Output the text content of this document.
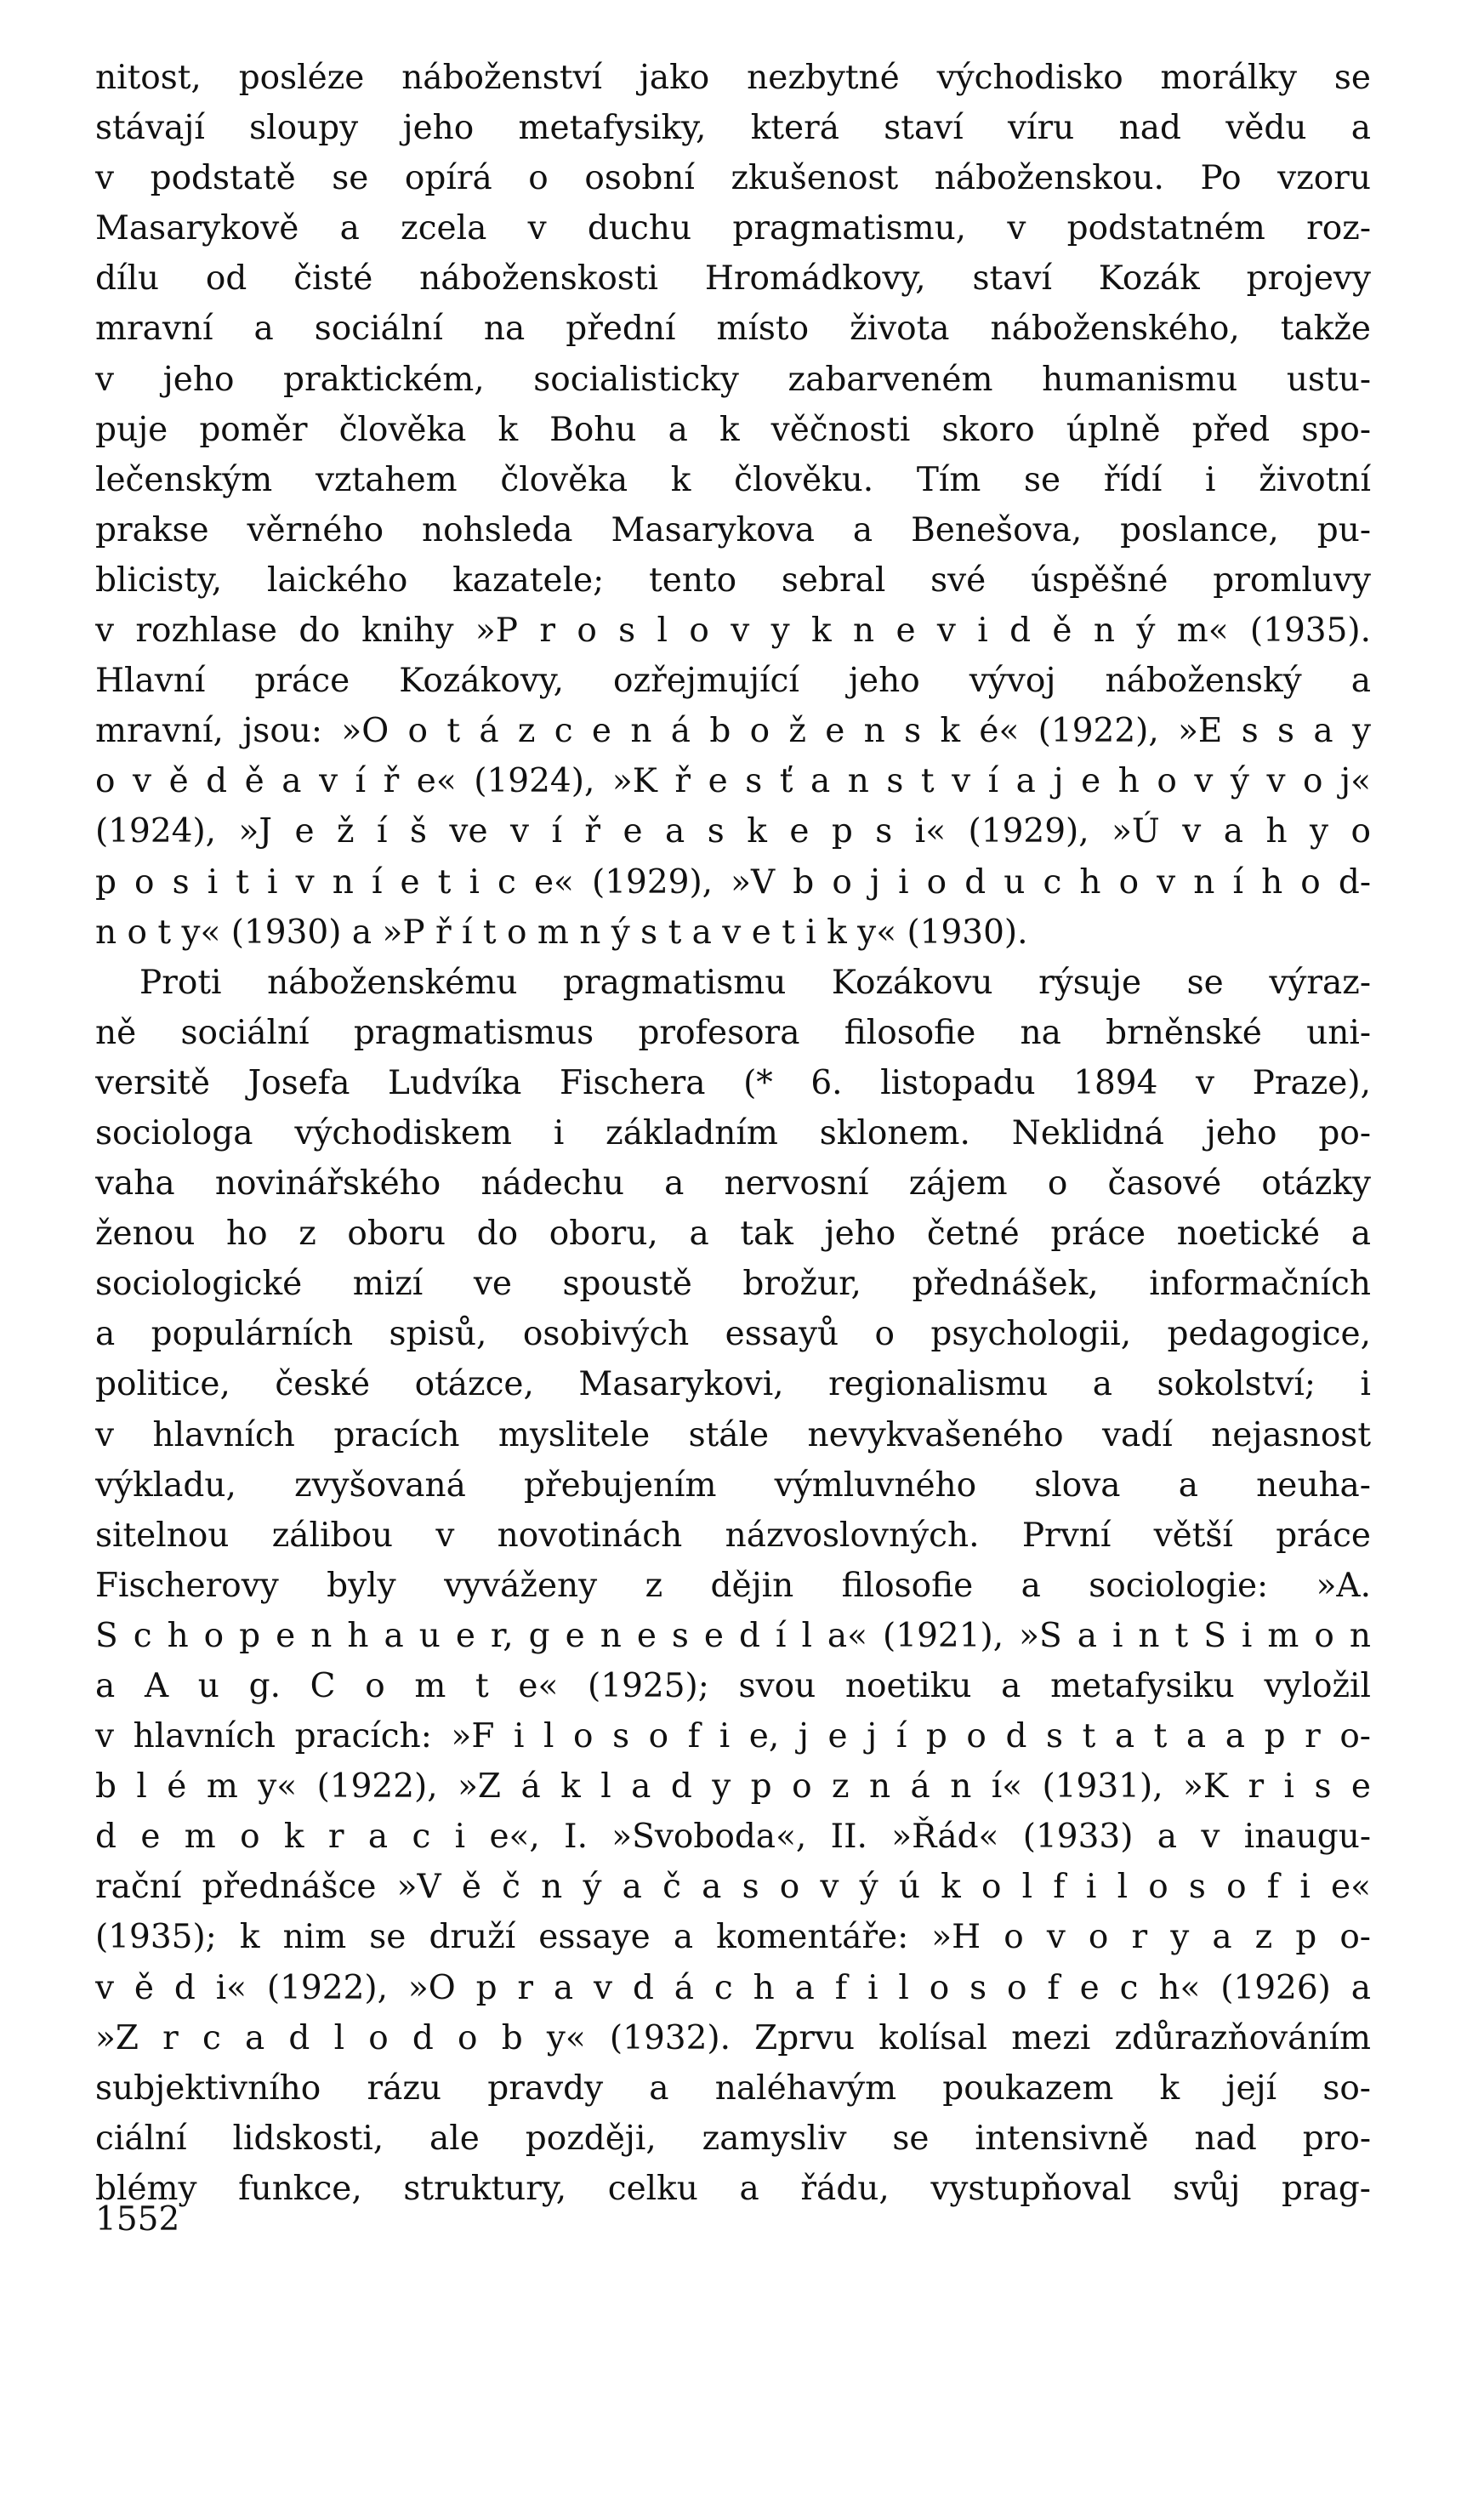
nitost, posléze náboženství jako nezbytné východisko morálky se
stávají sloupy jeho metafysiky, která staví víru nad vědu a
v podstatě se opírá o osobní zkušenost náboženskou. Po vzoru
Masarykově a zcela v duchu pragmatismu, v podstatném roz-
dílu od čisté náboženskosti Hromádkovy, staví Kozák projevy
mravní a sociální na přední místo života náboženského, takže
v jeho praktickém, socialisticky zabarveném humanismu ustu-
puje poměr člověka k Bohu a k věčnosti skoro úplně před spo-
lečenským vztahem člověka k člověku. Tím se řídí i životní
prakse věrného nohsleda Masarykova a Benešova, poslance, pu-
blicisty, laického kazatele; tento sebral své úspěšné promluvy
v rozhlase do knihy »P r o s l o v y k n e v i d ě n ý m« (1935).
Hlavní práce Kozákovy, ozřejmující jeho vývoj náboženský a
mravní, jsou: »O o t á z c e n á b o ž e n s k é« (1922), »E s s a y
o v ě d ě a v í ř e« (1924), »K ř e s ť a n s t v í a j e h o v ý v o j«
(1924), »J e ž í š ve v í ř e a s k e p s i« (1929), »Ú v a h y o
p o s i t i v n í e t i c e« (1929), »V b o j i o d u c h o v n í h o d-
n o t y« (1930) a »P ř í t o m n ý s t a v e t i k y« (1930).
Proti náboženskému pragmatismu Kozákovu rýsuje se výraz-
ně sociální pragmatismus profesora filosofie na brněnské uni-
versitě Josefa Ludvíka Fischera (* 6. listopadu 1894 v Praze),
sociologa východiskem i základním sklonem. Neklidná jeho po-
vaha novinářského nádechu a nervosní zájem o časové otázky
ženou ho z oboru do oboru, a tak jeho četné práce noetické a
sociologické mizí ve spoustě brožur, přednášek, informačních
a populárních spisů, osobivých essayů o psychologii, pedagogice,
politice, české otázce, Masarykovi, regionalismu a sokolství; i
v hlavních pracích myslitele stále nevykvašeného vadí nejasnost
výkladu, zvyšovaná přebujením výmluvného slova a neuha-
sitelnou zálibou v novotinách názvoslovných. První větší práce
Fischerovy byly vyváženy z dějin filosofie a sociologie: »A.
S c h o p e n h a u e r, g e n e s e d í l a« (1921), »S a i n t S i m o n
a A u g. C o m t e« (1925); svou noetiku a metafysiku vyložil
v hlavních pracích: »F i l o s o f i e, j e j í p o d s t a t a a p r o-
b l é m y« (1922), »Z á k l a d y p o z n á n í« (1931), »K r i s e
d e m o k r a c i e«, I. »Svoboda«, II. »Řád« (1933) a v inaugu-
rační přednášce »V ě č n ý a č a s o v ý ú k o l f i l o s o f i e«
(1935); k nim se druží essaye a komentáře: »H o v o r y a z p o-
v ě d i« (1922), »O p r a v d á c h a f i l o s o f e c h« (1926) a
»Z r c a d l o d o b y« (1932). Zprvu kolísal mezi zdůrazňováním
subjektivního rázu pravdy a naléhavým poukazem k její so-
ciální lidskosti, ale později, zamysliv se intensivně nad pro-
blémy funkce, struktury, celku a řádu, vystupňoval svůj prag-
1552
